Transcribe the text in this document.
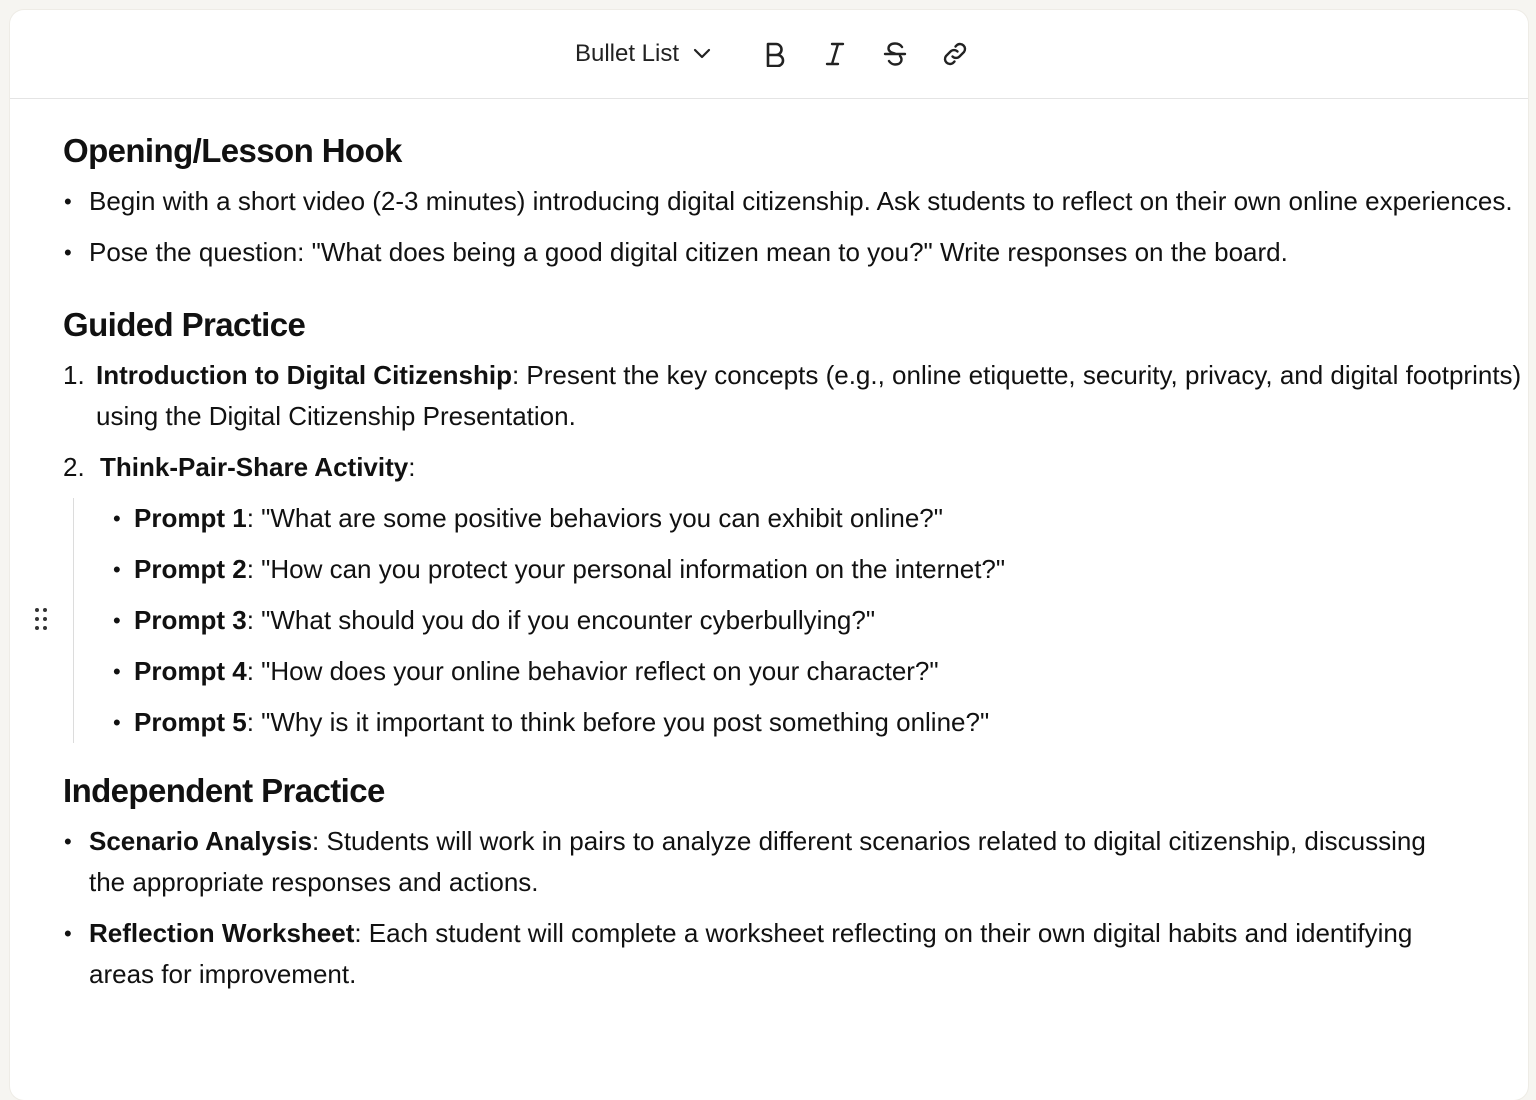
Bullet List
Opening/Lesson Hook
• Begin with a short video (2-3 minutes) introducing digital citizenship. Ask students to reflect on their own online experiences.
• Pose the question: "What does being a good digital citizen mean to you?" Write responses on the board.
Guided Practice
1. Introduction to Digital Citizenship: Present the key concepts (e.g., online etiquette, security, privacy, and digital footprints) using the Digital Citizenship Presentation.
2. Think-Pair-Share Activity:
• Prompt 1: "What are some positive behaviors you can exhibit online?"
• Prompt 2: "How can you protect your personal information on the internet?"
• Prompt 3: "What should you do if you encounter cyberbullying?"
• Prompt 4: "How does your online behavior reflect on your character?"
• Prompt 5: "Why is it important to think before you post something online?"
Independent Practice
• Scenario Analysis: Students will work in pairs to analyze different scenarios related to digital citizenship, discussing the appropriate responses and actions.
• Reflection Worksheet: Each student will complete a worksheet reflecting on their own digital habits and identifying areas for improvement.
